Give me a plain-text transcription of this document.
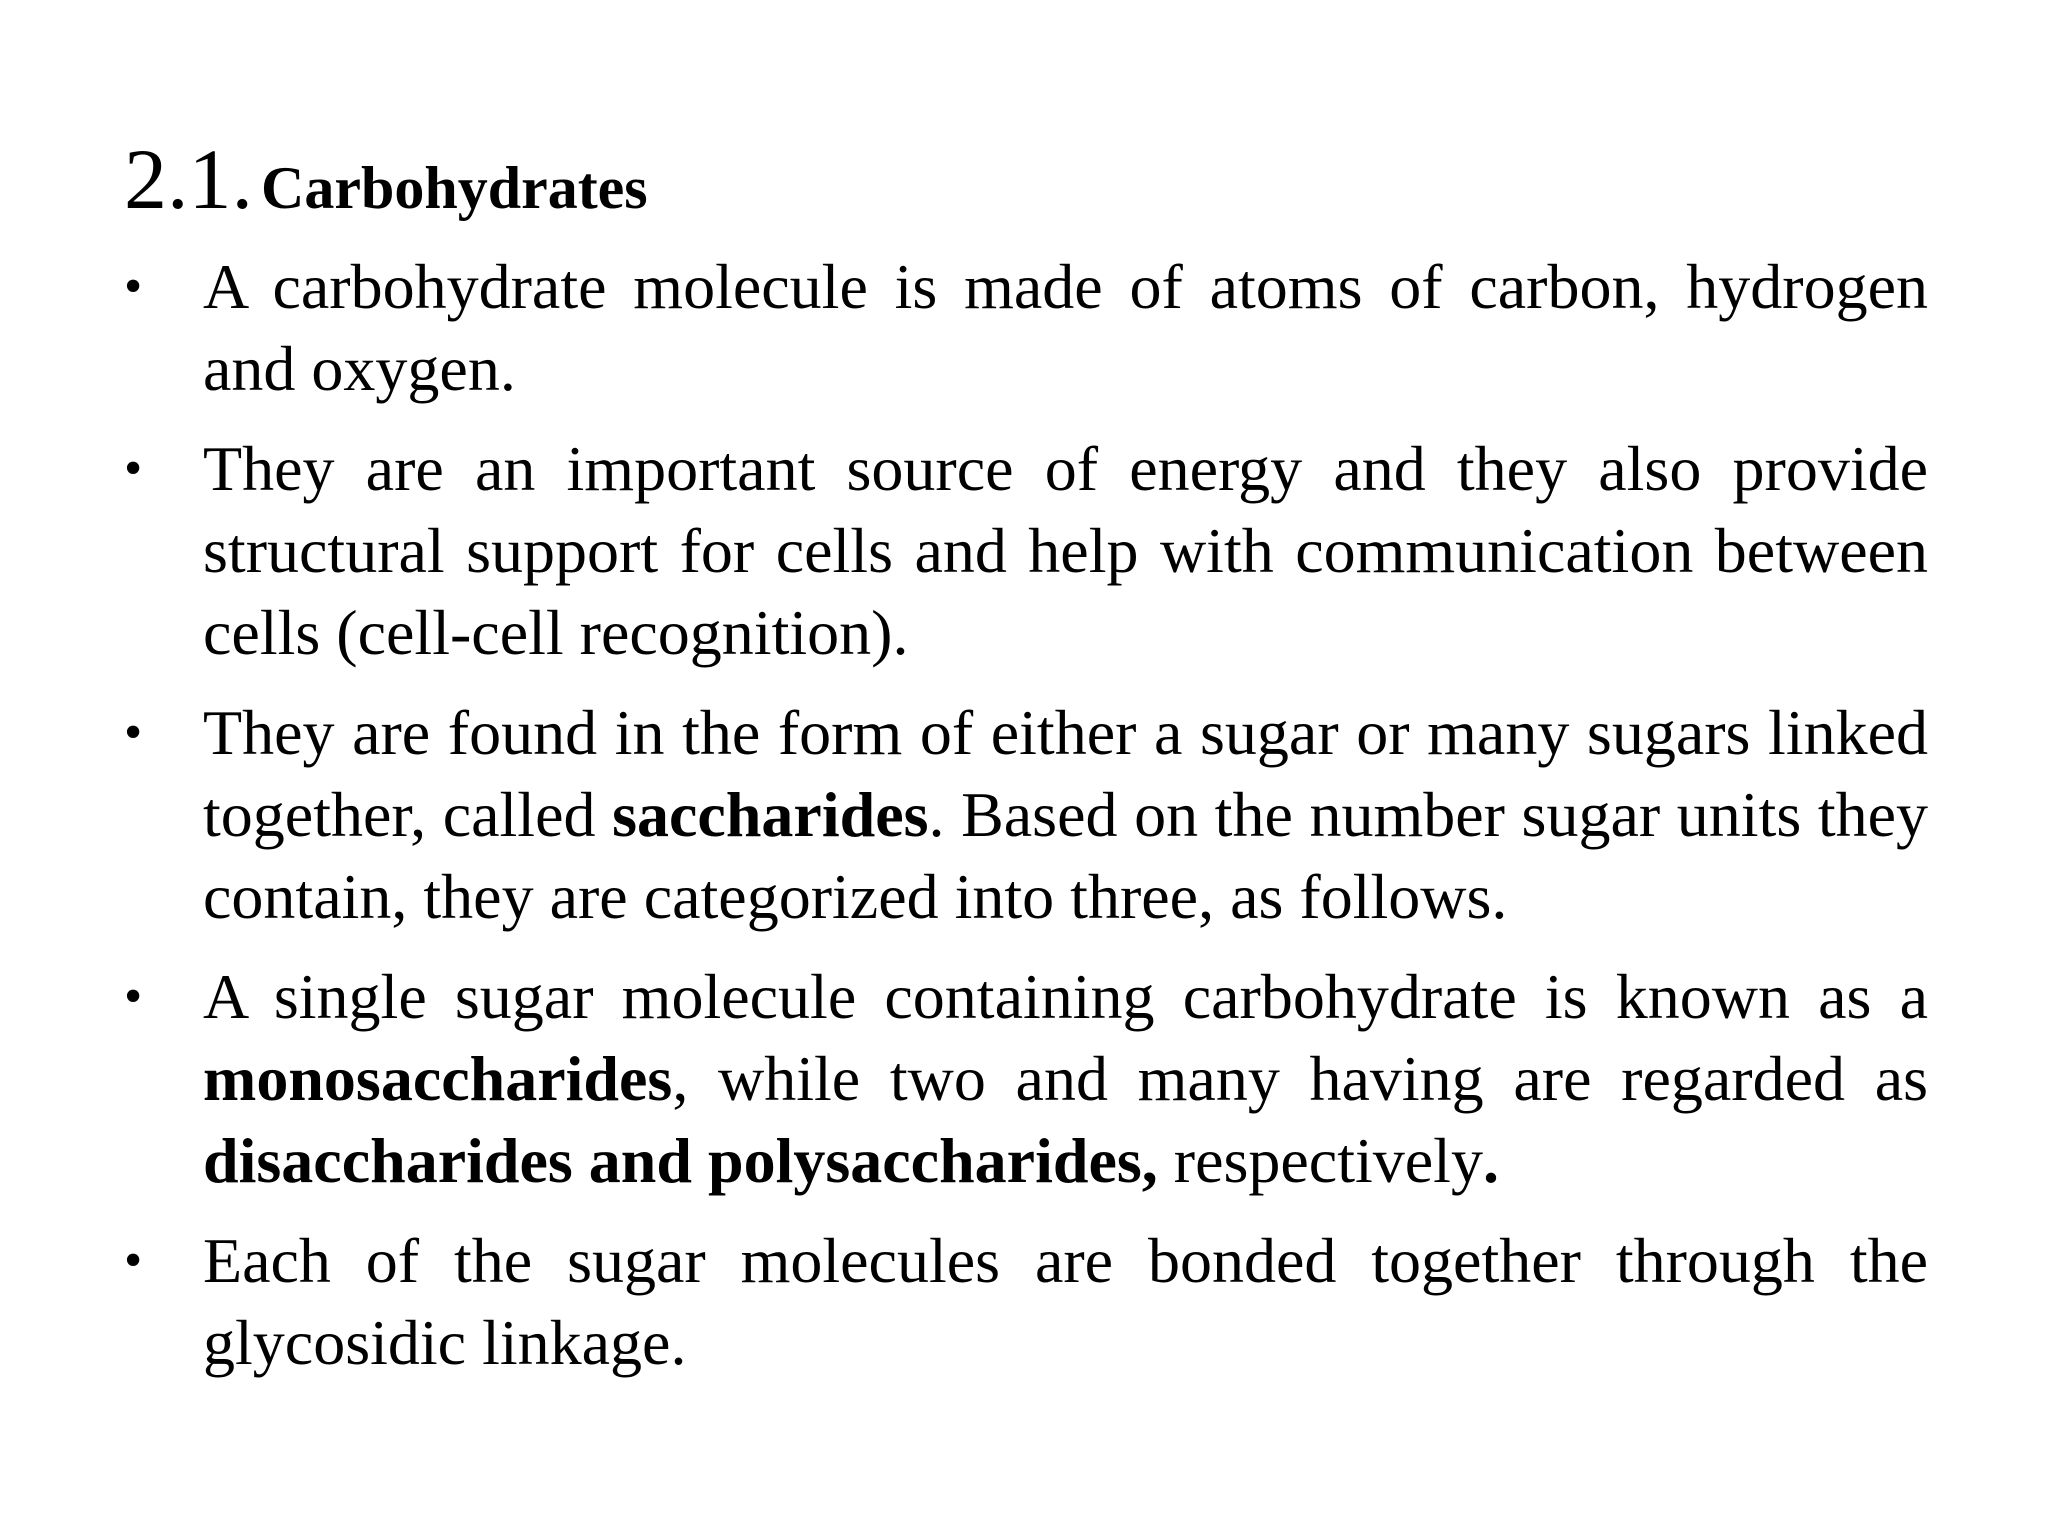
2.1. Carbohydrates
• A carbohydrate molecule is made of atoms of carbon, hydrogen and oxygen.
• They are an important source of energy and they also provide structural support for cells and help with communication between cells (cell-cell recognition).
• They are found in the form of either a sugar or many sugars linked together, called saccharides. Based on the number sugar units they contain, they are categorized into three, as follows.
• A single sugar molecule containing carbohydrate is known as a monosaccharides, while two and many having are regarded as disaccharides and polysaccharides, respectively.
• Each of the sugar molecules are bonded together through the glycosidic linkage.
